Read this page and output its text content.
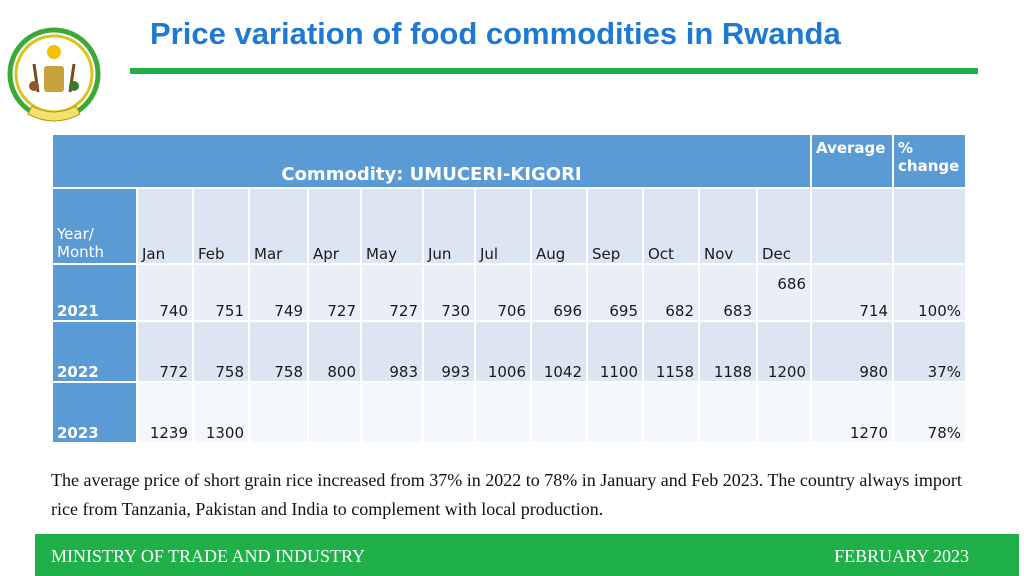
Price variation of food commodities in Rwanda
Commodity: UMUCERI-KIGORI													Average	%
change
Year/
Month	Jan	Feb	Mar	Apr	May	Jun	Jul	Aug	Sep	Oct	Nov	Dec		
2021	740	751	749	727	727	730	706	696	695	682	683	686	714	100%
2022	772	758	758	800	983	993	1006	1042	1100	1158	1188	1200	980	37%
2023	1239	1300											1270	78%
The average price of short grain rice increased from 37% in 2022 to 78% in January and Feb 2023. The country always import rice from Tanzania, Pakistan and India to complement with local production.
MINISTRY OF TRADE AND INDUSTRY	FEBRUARY 2023
